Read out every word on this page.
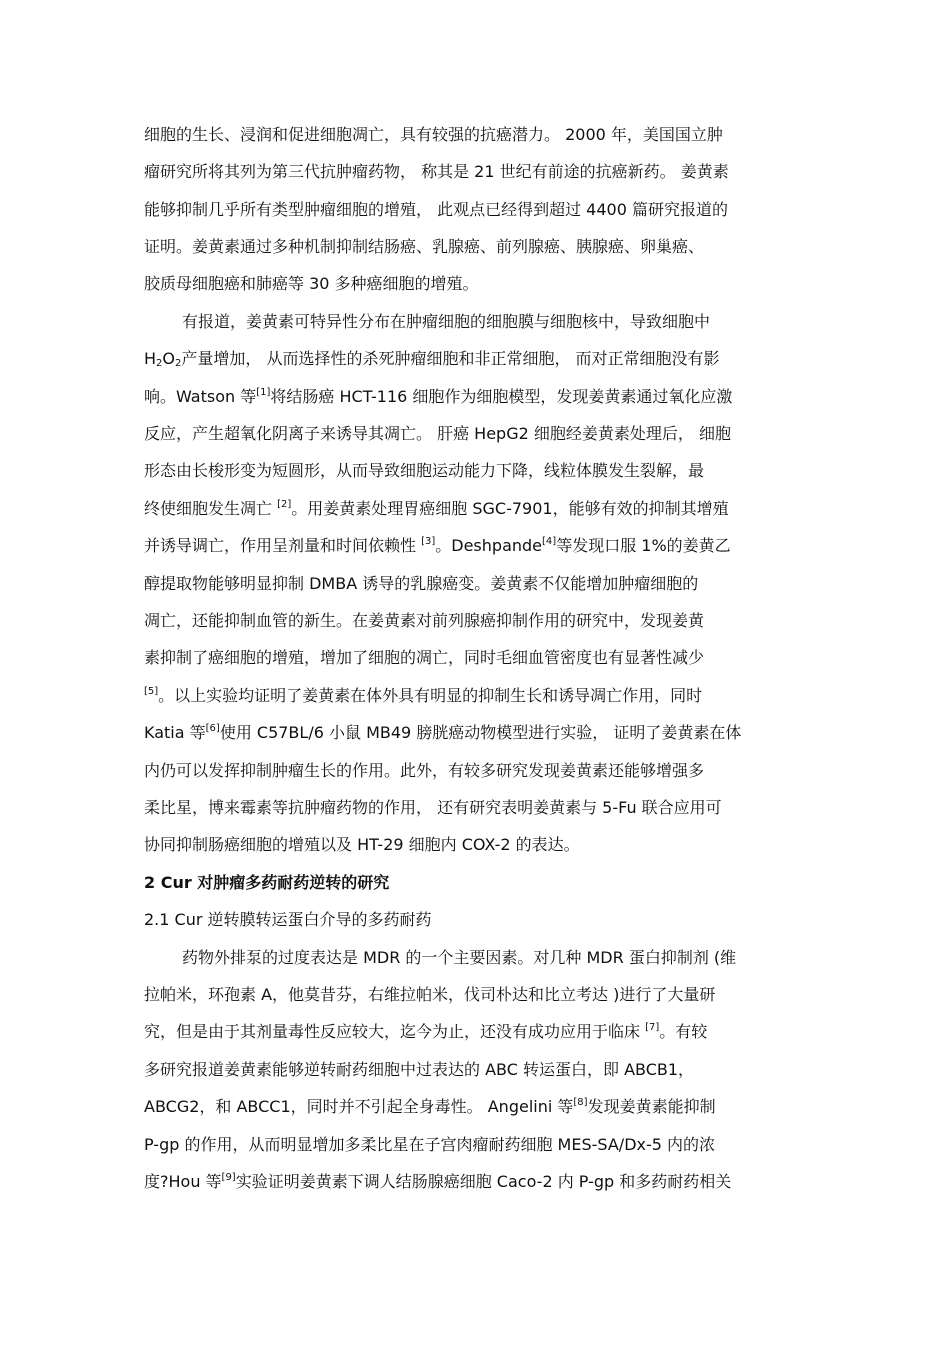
细胞的生长、浸润和促进细胞凋亡，具有较强的抗癌潜力。 2000 年，美国国立肿
瘤研究所将其列为第三代抗肿瘤药物， 称其是 21 世纪有前途的抗癌新药。 姜黄素
能够抑制几乎所有类型肿瘤细胞的增殖， 此观点已经得到超过 4400 篇研究报道的
证明。姜黄素通过多种机制抑制结肠癌、乳腺癌、前列腺癌、胰腺癌、卵巢癌、
胶质母细胞癌和肺癌等 30 多种癌细胞的增殖。
有报道，姜黄素可特异性分布在肿瘤细胞的细胞膜与细胞核中，导致细胞中
$H_2O_2$产量增加， 从而选择性的杀死肿瘤细胞和非正常细胞， 而对正常细胞没有影
响。Watson 等[1]将结肠癌 HCT-116 细胞作为细胞模型，发现姜黄素通过氧化应激
反应，产生超氧化阴离子来诱导其凋亡。 肝癌 HepG2 细胞经姜黄素处理后， 细胞
形态由长梭形变为短圆形，从而导致细胞运动能力下降，线粒体膜发生裂解，最
终使细胞发生凋亡 [2]。用姜黄素处理胃癌细胞 SGC-7901，能够有效的抑制其增殖
并诱导调亡，作用呈剂量和时间依赖性 [3]。Deshpande[4]等发现口服 1%的姜黄乙
醇提取物能够明显抑制 DMBA 诱导的乳腺癌变。姜黄素不仅能增加肿瘤细胞的
凋亡，还能抑制血管的新生。在姜黄素对前列腺癌抑制作用的研究中，发现姜黄
素抑制了癌细胞的增殖，增加了细胞的凋亡，同时毛细血管密度也有显著性减少
[5]。以上实验均证明了姜黄素在体外具有明显的抑制生长和诱导凋亡作用，同时
Katia 等[6]使用 C57BL/6 小鼠 MB49 膀胱癌动物模型进行实验， 证明了姜黄素在体
内仍可以发挥抑制肿瘤生长的作用。此外，有较多研究发现姜黄素还能够增强多
柔比星，博来霉素等抗肿瘤药物的作用， 还有研究表明姜黄素与 5-Fu 联合应用可
协同抑制肠癌细胞的增殖以及 HT-29 细胞内 COX-2 的表达。
2 Cur 对肿瘤多药耐药逆转的研究
2.1 Cur 逆转膜转运蛋白介导的多药耐药
药物外排泵的过度表达是 MDR 的一个主要因素。对几种 MDR 蛋白抑制剂 (维
拉帕米，环孢素 A，他莫昔芬，右维拉帕米，伐司朴达和比立考达 )进行了大量研
究，但是由于其剂量毒性反应较大，迄今为止，还没有成功应用于临床 [7]。有较
多研究报道姜黄素能够逆转耐药细胞中过表达的 ABC 转运蛋白，即 ABCB1，
ABCG2，和 ABCC1，同时并不引起全身毒性。 Angelini 等[8]发现姜黄素能抑制
P-gp 的作用，从而明显增加多柔比星在子宫肉瘤耐药细胞 MES-SA/Dx-5 内的浓
度?Hou 等[9]实验证明姜黄素下调人结肠腺癌细胞 Caco-2 内 P-gp 和多药耐药相关
